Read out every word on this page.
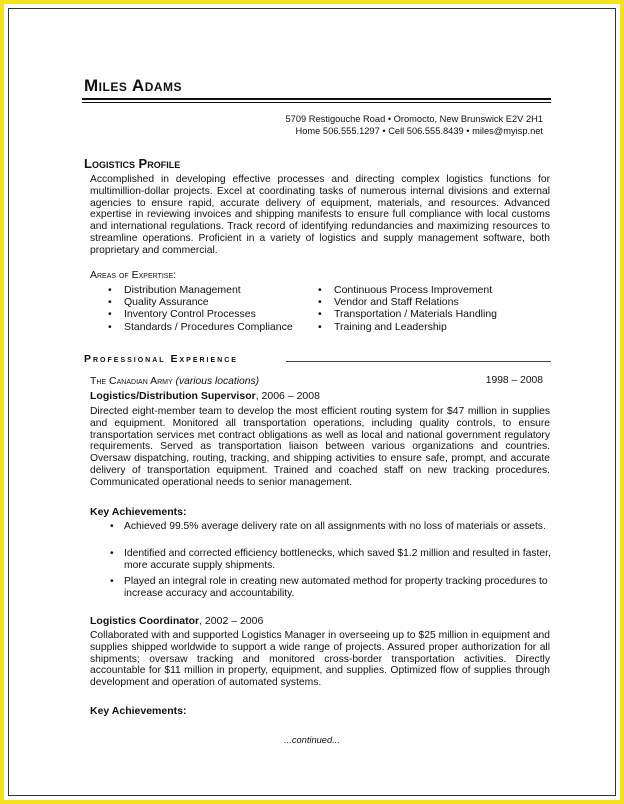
Miles Adams
5709 Restigouche Road • Oromocto, New Brunswick E2V 2H1
Home 506.555.1297 • Cell 506.555.8439 • miles@myisp.net
Logistics Profile
Accomplished in developing effective processes and directing complex logistics functions for multimillion-dollar projects. Excel at coordinating tasks of numerous internal divisions and external agencies to ensure rapid, accurate delivery of equipment, materials, and resources. Advanced expertise in reviewing invoices and shipping manifests to ensure full compliance with local customs and international regulations. Track record of identifying redundancies and maximizing resources to streamline operations. Proficient in a variety of logistics and supply management software, both proprietary and commercial.
Areas of Expertise:
• Distribution Management
• Quality Assurance
• Inventory Control Processes
• Standards / Procedures Compliance
• Continuous Process Improvement
• Vendor and Staff Relations
• Transportation / Materials Handling
• Training and Leadership
Professional Experience
The Canadian Army (various locations)	1998 – 2008
Logistics/Distribution Supervisor, 2006 – 2008
Directed eight-member team to develop the most efficient routing system for $47 million in supplies and equipment. Monitored all transportation operations, including quality controls, to ensure transportation services met contract obligations as well as local and national government regulatory requirements. Served as transportation liaison between various organizations and countries. Oversaw dispatching, routing, tracking, and shipping activities to ensure safe, prompt, and accurate delivery of transportation equipment. Trained and coached staff on new tracking procedures. Communicated operational needs to senior management.
Key Achievements:
• Achieved 99.5% average delivery rate on all assignments with no loss of materials or assets.
• Identified and corrected efficiency bottlenecks, which saved $1.2 million and resulted in faster, more accurate supply shipments.
• Played an integral role in creating new automated method for property tracking procedures to increase accuracy and accountability.
Logistics Coordinator, 2002 – 2006
Collaborated with and supported Logistics Manager in overseeing up to $25 million in equipment and supplies shipped worldwide to support a wide range of projects. Assured proper authorization for all shipments; oversaw tracking and monitored cross-border transportation activities. Directly accountable for $11 million in property, equipment, and supplies. Optimized flow of supplies through development and operation of automated systems.
Key Achievements:
...continued...
